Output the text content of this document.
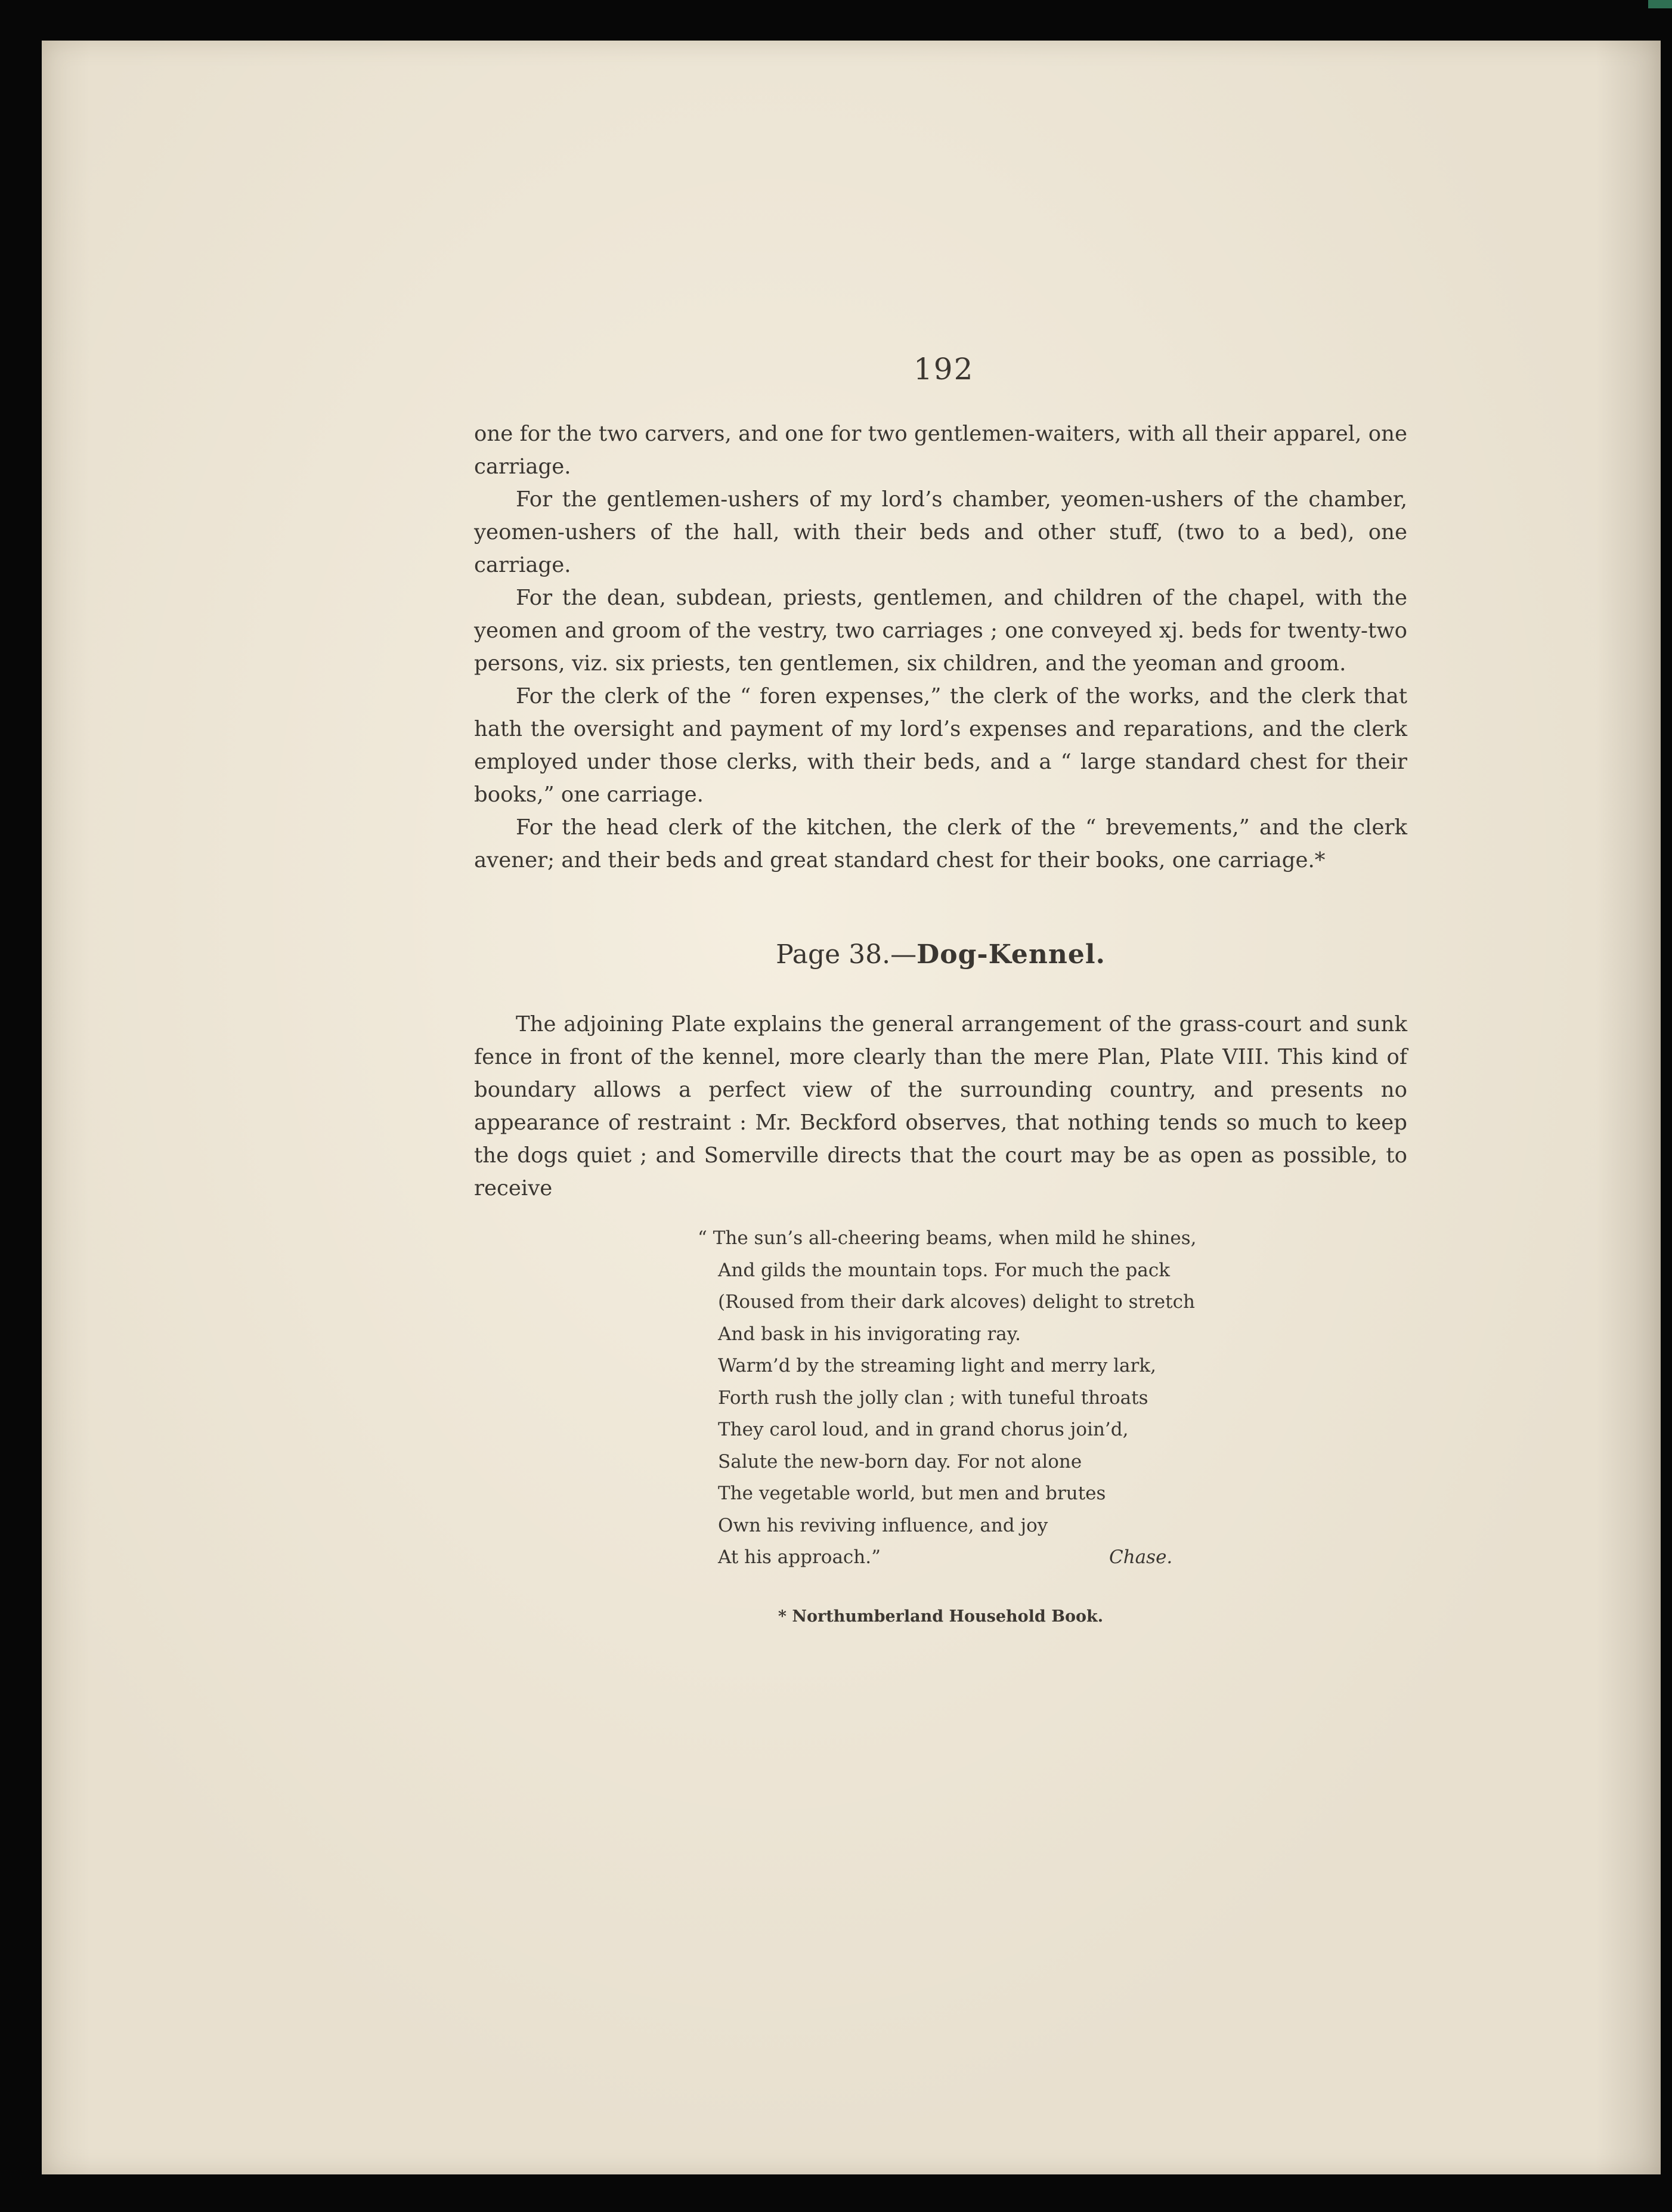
192

one for the two carvers, and one for two gentlemen-waiters, with all their apparel, one carriage.

For the gentlemen-ushers of my lord’s chamber, yeomen-ushers of the chamber, yeomen-ushers of the hall, with their beds and other stuff, (two to a bed), one carriage.

For the dean, subdean, priests, gentlemen, and children of the chapel, with the yeomen and groom of the vestry, two carriages ; one conveyed xj. beds for twenty-two persons, viz. six priests, ten gentlemen, six children, and the yeoman and groom.

For the clerk of the “ foren expenses,” the clerk of the works, and the clerk that hath the oversight and payment of my lord’s expenses and reparations, and the clerk employed under those clerks, with their beds, and a “ large standard chest for their books,” one carriage.

For the head clerk of the kitchen, the clerk of the “ brevements,” and the clerk avener; and their beds and great standard chest for their books, one carriage.*

Page 38.—Dog-Kennel.

The adjoining Plate explains the general arrangement of the grass-court and sunk fence in front of the kennel, more clearly than the mere Plan, Plate VIII. This kind of boundary allows a perfect view of the surrounding country, and presents no appearance of restraint : Mr. Beckford observes, that nothing tends so much to keep the dogs quiet ; and Somerville directs that the court may be as open as possible, to receive

“ The sun’s all-cheering beams, when mild he shines,
And gilds the mountain tops. For much the pack
(Roused from their dark alcoves) delight to stretch
And bask in his invigorating ray.
Warm’d by the streaming light and merry lark,
Forth rush the jolly clan ; with tuneful throats
They carol loud, and in grand chorus join’d,
Salute the new-born day. For not alone
The vegetable world, but men and brutes
Own his reviving influence, and joy
At his approach.”	Chase.
* Northumberland Household Book.
